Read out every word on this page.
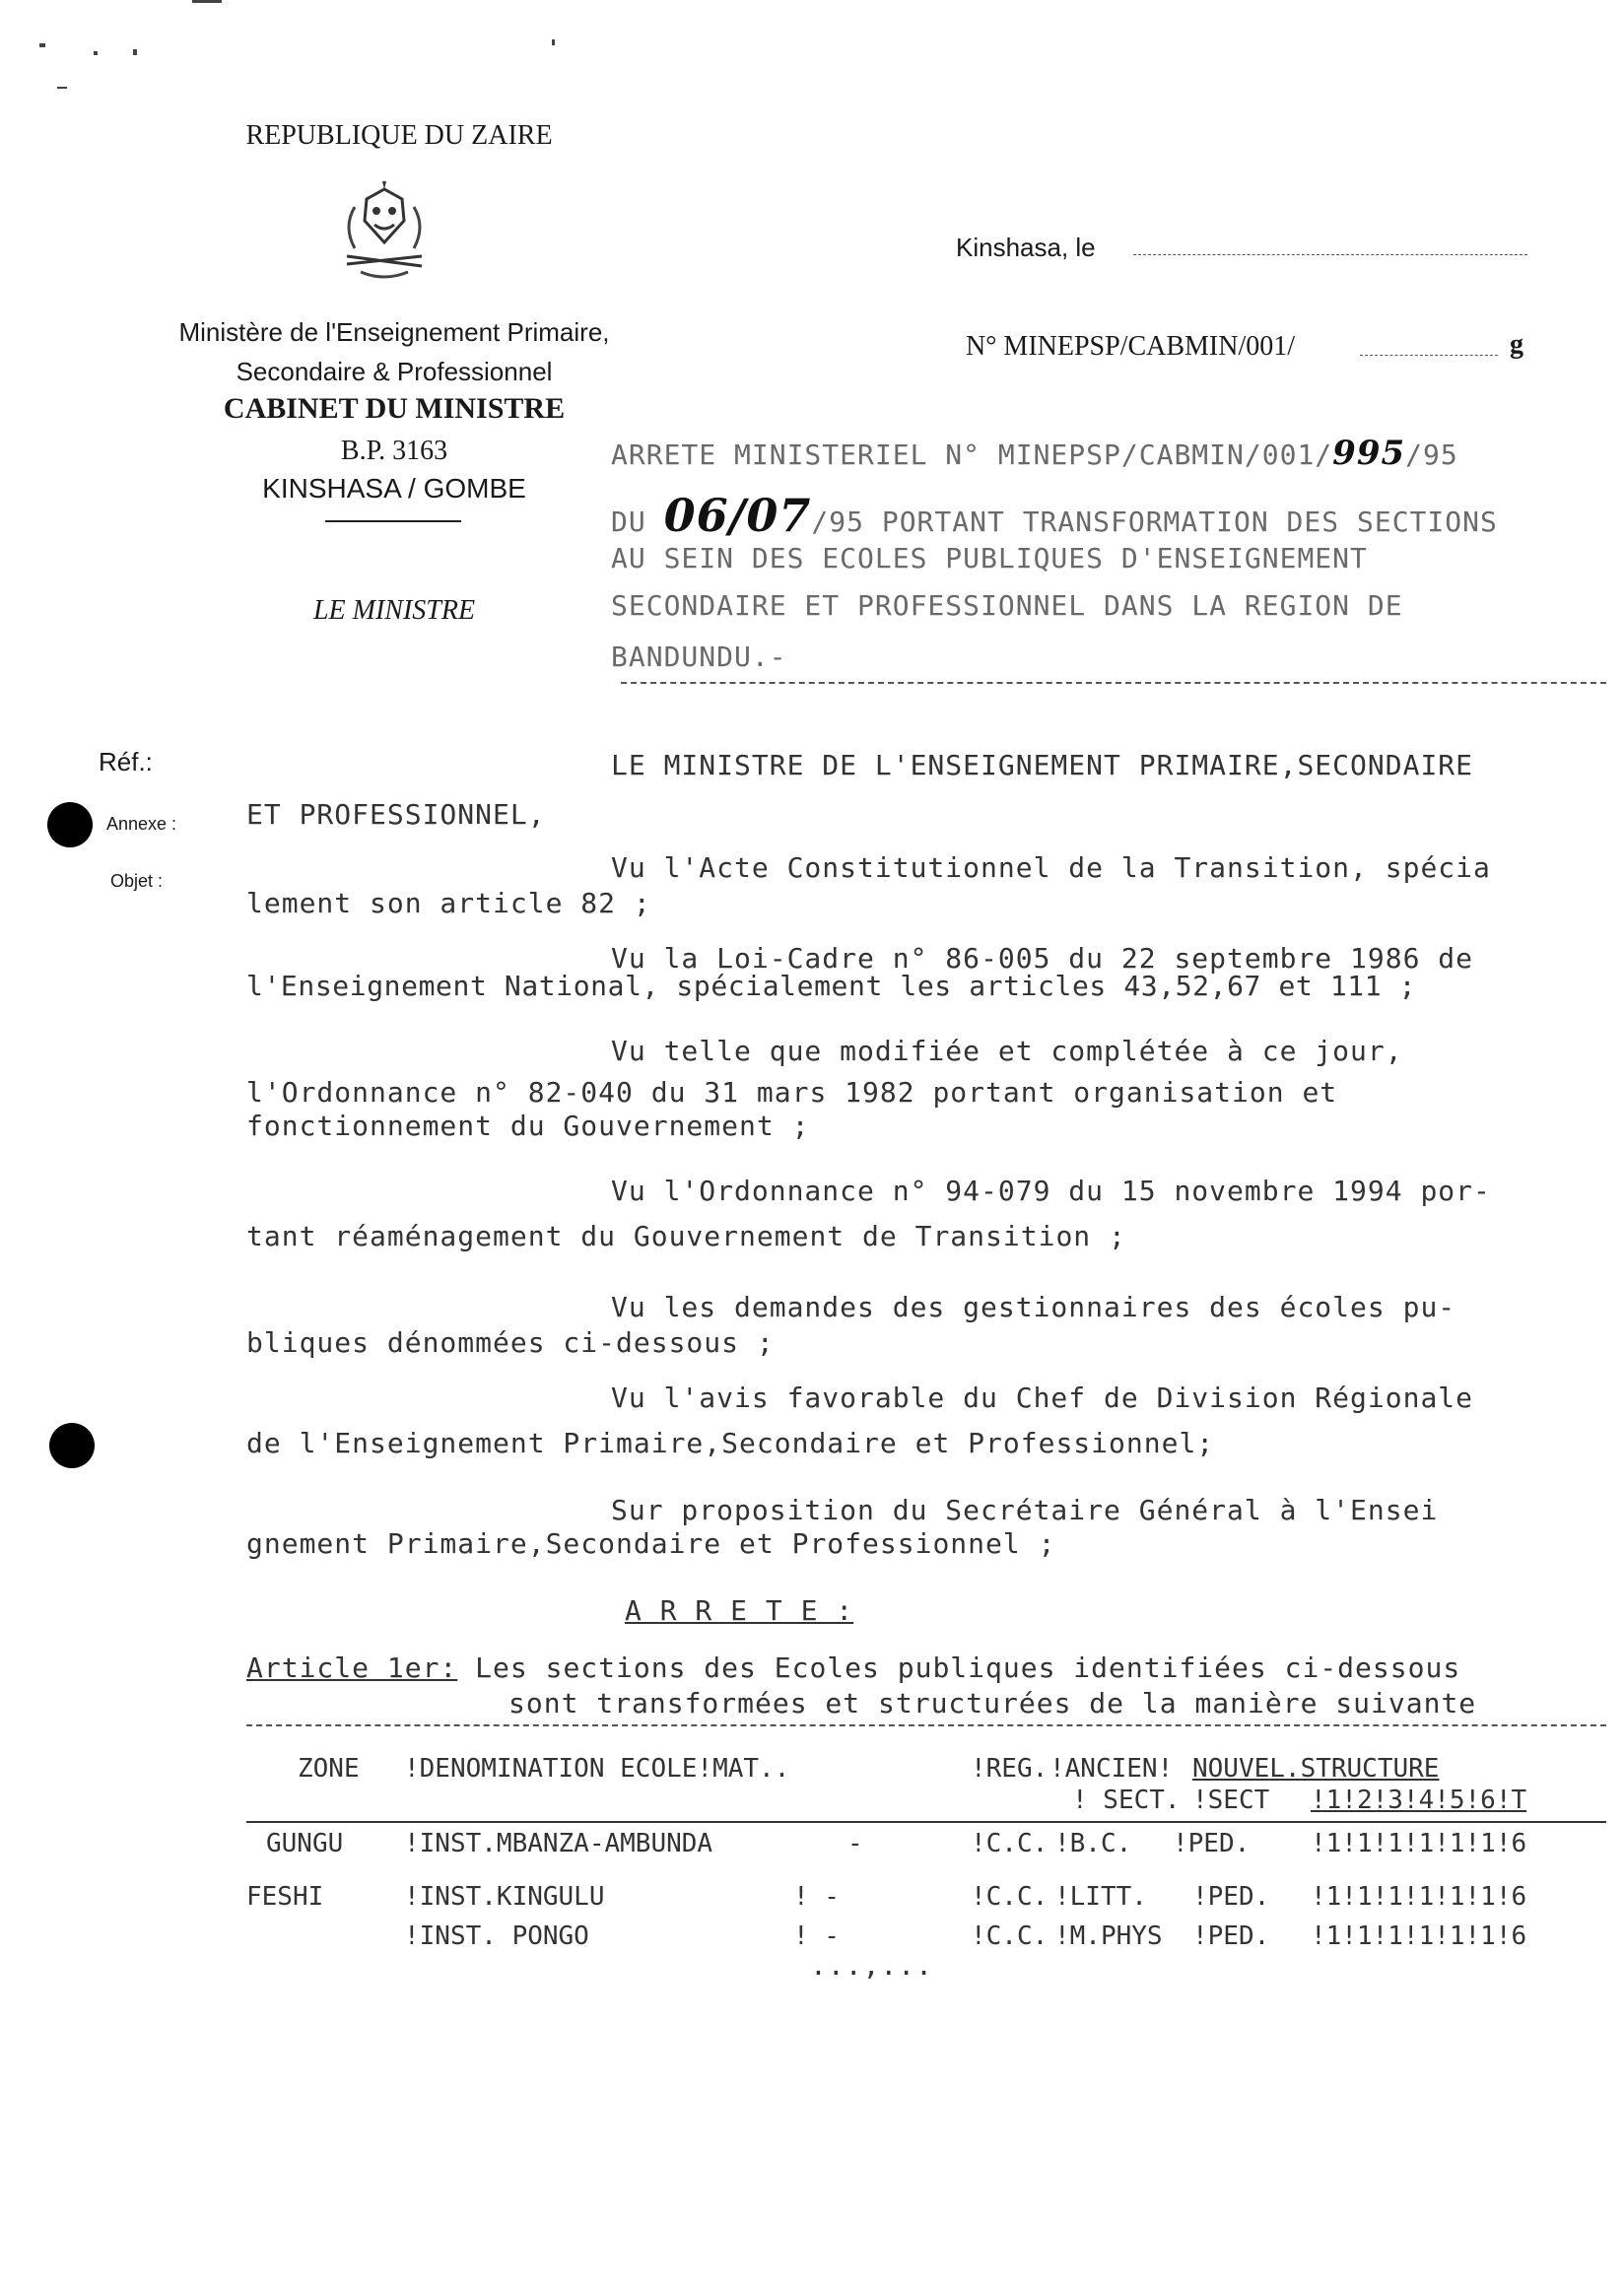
REPUBLIQUE DU ZAIRE
Ministère de l'Enseignement Primaire,
Secondaire & Professionnel
CABINET DU MINISTRE
B.P. 3163
KINSHASA / GOMBE
LE MINISTRE
Kinshasa, le
N° MINEPSP/CABMIN/001/	g
ARRETE MINISTERIEL N° MINEPSP/CABMIN/001/995/95
DU 06/07/95 PORTANT TRANSFORMATION DES SECTIONS
AU SEIN DES ECOLES PUBLIQUES D'ENSEIGNEMENT
SECONDAIRE ET PROFESSIONNEL DANS LA REGION DE
BANDUNDU.-
Réf.:
Annexe :
Objet :
LE MINISTRE DE L'ENSEIGNEMENT PRIMAIRE,SECONDAIRE
ET PROFESSIONNEL,
Vu l'Acte Constitutionnel de la Transition, spécia
lement son article 82 ;
Vu la Loi-Cadre n° 86-005 du 22 septembre 1986 de
l'Enseignement National, spécialement les articles 43,52,67 et 111 ;
Vu telle que modifiée et complétée à ce jour,
l'Ordonnance n° 82-040 du 31 mars 1982 portant organisation et
fonctionnement du Gouvernement ;
Vu l'Ordonnance n° 94-079 du 15 novembre 1994 por-
tant réaménagement du Gouvernement de Transition ;
Vu les demandes des gestionnaires des écoles pu-
bliques dénommées ci-dessous ;
Vu l'avis favorable du Chef de Division Régionale
de l'Enseignement Primaire,Secondaire et Professionnel;
Sur proposition du Secrétaire Général à l'Ensei
gnement Primaire,Secondaire et Professionnel ;
A R R E T E :
Article 1er: Les sections des Ecoles publiques identifiées ci-dessous
sont transformées et structurées de la manière suivante
ZONE !DENOMINATION ECOLE!MAT..	!REG. !ANCIEN! NOUVEL.STRUCTURE
! SECT. !SECT !1!2!3!4!5!6!T
GUNGU !INST.MBANZA-AMBUNDA	-	!C.C. !B.C. !PED. !1!1!1!1!1!1!6
FESHI	!INST.KINGULU	! -	!C.C. !LITT. !PED. !1!1!1!1!1!1!6
!INST. PONGO	! -	!C.C. !M.PHYS !PED. !1!1!1!1!1!1!6
...,...
